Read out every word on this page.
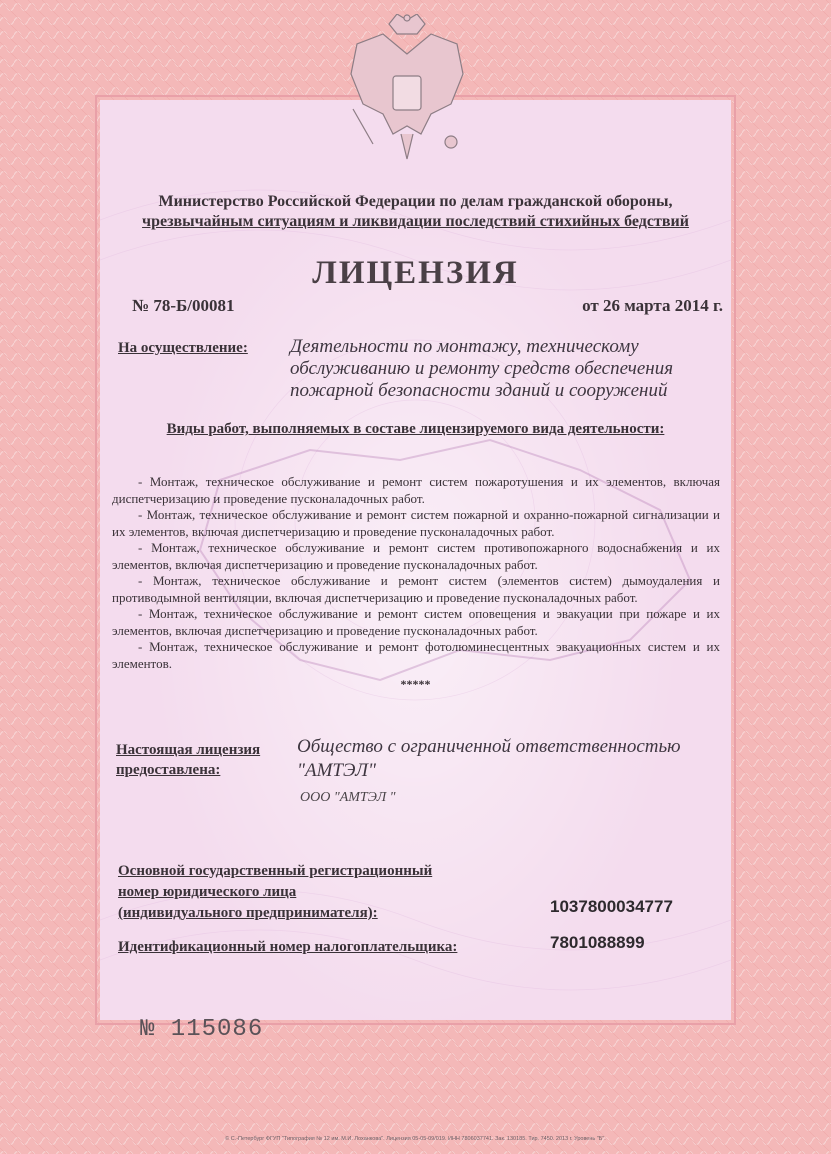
Министерство Российской Федерации по делам гражданской обороны,
чрезвычайным ситуациям и ликвидации последствий стихийных бедствий
ЛИЦЕНЗИЯ
№ 78-Б/00081	от 26 марта 2014 г.
На осуществление: Деятельности по монтажу, техническому обслуживанию и ремонту средств обеспечения пожарной безопасности зданий и сооружений
Виды работ, выполняемых в составе лицензируемого вида деятельности:

- Монтаж, техническое обслуживание и ремонт систем пожаротушения и их элементов, включая диспетчеризацию и проведение пусконаладочных работ.

- Монтаж, техническое обслуживание и ремонт систем пожарной и охранно-пожарной сигнализации и их элементов, включая диспетчеризацию и проведение пусконаладочных работ.

- Монтаж, техническое обслуживание и ремонт систем противопожарного водоснабжения и их элементов, включая диспетчеризацию и проведение пусконаладочных работ.

- Монтаж, техническое обслуживание и ремонт систем (элементов систем) дымоудаления и противодымной вентиляции, включая диспетчеризацию и проведение пусконаладочных работ.

- Монтаж, техническое обслуживание и ремонт систем оповещения и эвакуации при пожаре и их элементов, включая диспетчеризацию и проведение пусконаладочных работ.

- Монтаж, техническое обслуживание и ремонт фотолюминесцентных эвакуационных систем и их элементов.

*****
Настоящая лицензия
предоставлена:
Общество с ограниченной ответственностью
"АМТЭЛ"
ООО "АМТЭЛ "
Основной государственный регистрационный
номер юридического лица
(индивидуального предпринимателя):	1037800034777
Идентификационный номер налогоплательщика:	7801088899
№ 115086
© С.-Петербург ФГУП "Типография № 12 им. М.И. Лоханкова". Лицензия 05-05-09/019. ИНН 7806037741. Зак. 130185. Тир. 7450. 2013 г. Уровень "Б".
